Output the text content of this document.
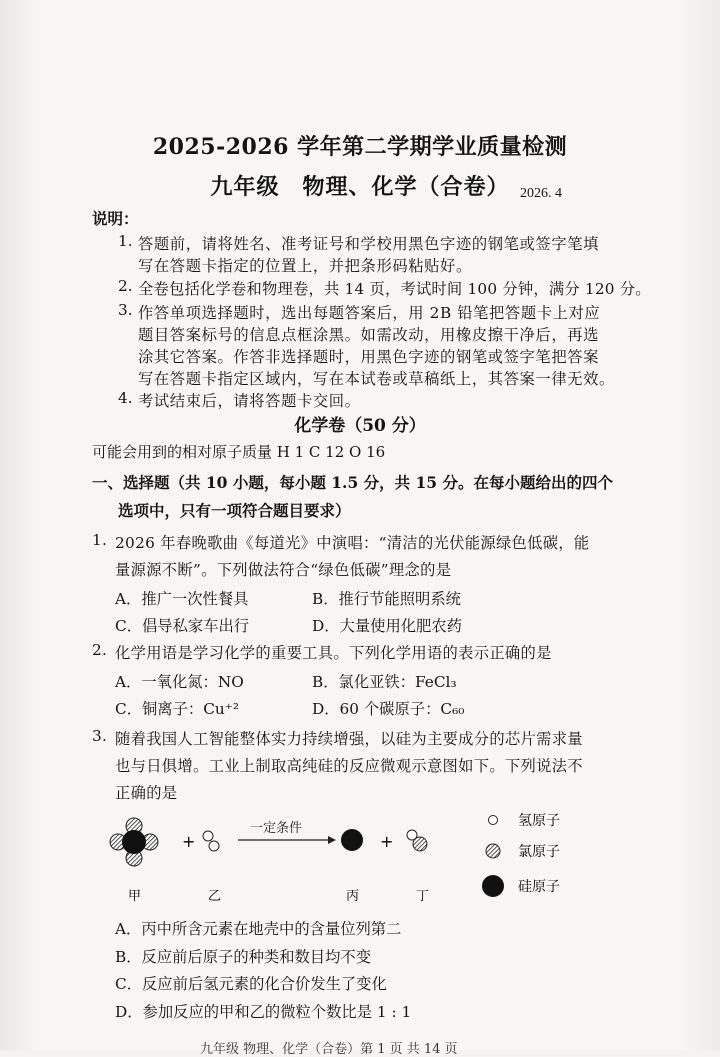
2025-2026 学年第二学期学业质量检测
九年级　物理、化学（合卷） 2026. 4
说明：
1. 答题前，请将姓名、准考证号和学校用黑色字迹的钢笔或签字笔填
写在答题卡指定的位置上，并把条形码粘贴好。
2. 全卷包括化学卷和物理卷，共 14 页，考试时间 100 分钟，满分 120 分。
3. 作答单项选择题时，选出每题答案后，用 2B 铅笔把答题卡上对应
题目答案标号的信息点框涂黑。如需改动，用橡皮擦干净后，再选
涂其它答案。作答非选择题时，用黑色字迹的钢笔或签字笔把答案
写在答题卡指定区域内，写在本试卷或草稿纸上，其答案一律无效。
4. 考试结束后，请将答题卡交回。
化学卷（50 分）
可能会用到的相对原子质量 H 1 C 12 O 16
一、选择题（共 10 小题，每小题 1.5 分，共 15 分。在每小题给出的四个
选项中，只有一项符合题目要求）
1. 2026 年春晚歌曲《每道光》中演唱：“清洁的光伏能源绿色低碳，能
量源源不断”。下列做法符合“绿色低碳”理念的是
A．推广一次性餐具	B．推行节能照明系统
C．倡导私家车出行	D．大量使用化肥农药
2. 化学用语是学习化学的重要工具。下列化学用语的表示正确的是
A．一氧化氮：NO	B．氯化亚铁：FeCl₃
C．铜离子：Cu⁺²	D．60 个碳原子：C₆₀
3. 随着我国人工智能整体实力持续增强，以硅为主要成分的芯片需求量
也与日俱增。工业上制取高纯硅的反应微观示意图如下。下列说法不
正确的是
+
一定条件
+
氢原子
氯原子
硅原子
甲	乙	丙	丁
A．丙中所含元素在地壳中的含量位列第二
B．反应前后原子的种类和数目均不变
C．反应前后氢元素的化合价发生了变化
D．参加反应的甲和乙的微粒个数比是 1 : 1
九年级 物理、化学（合卷）第 1 页 共 14 页
